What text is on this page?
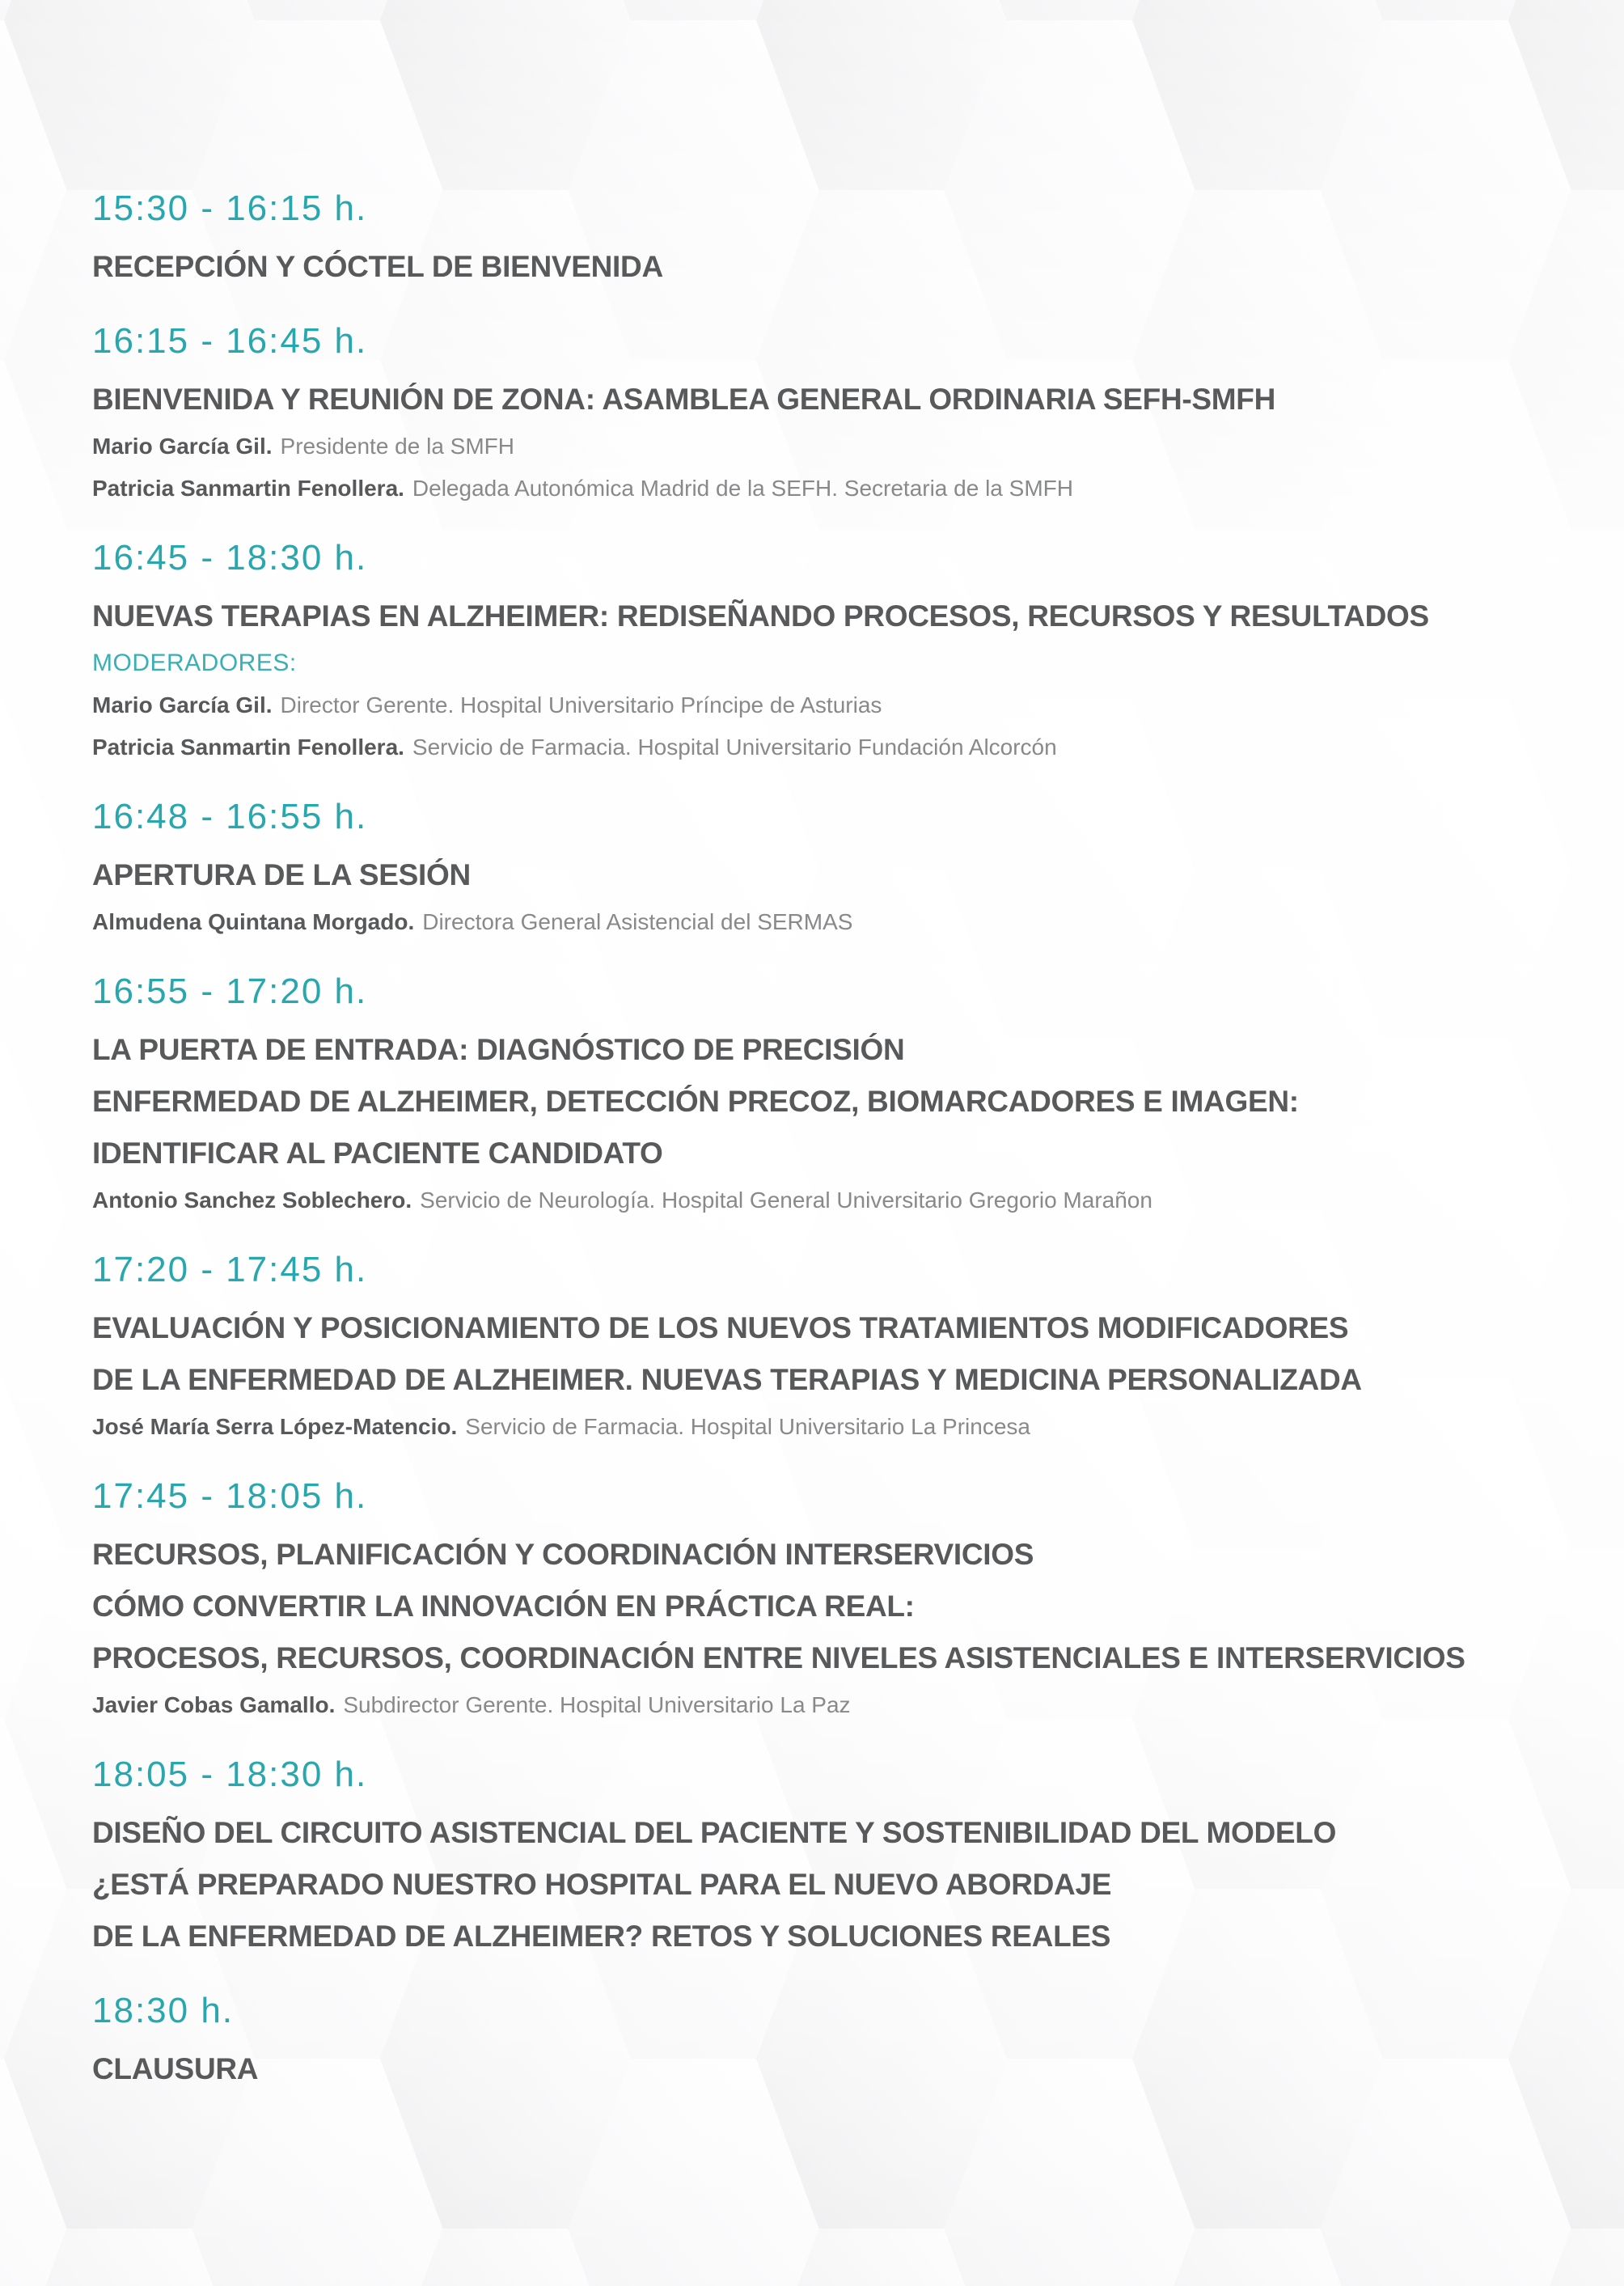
15:30 - 16:15 h.
RECEPCIÓN Y CÓCTEL DE BIENVENIDA
16:15 - 16:45 h.
BIENVENIDA Y REUNIÓN DE ZONA: ASAMBLEA GENERAL ORDINARIA SEFH-SMFH
Mario García Gil. Presidente de la SMFH
Patricia Sanmartin Fenollera. Delegada Autonómica Madrid de la SEFH. Secretaria de la SMFH
16:45 - 18:30 h.
NUEVAS TERAPIAS EN ALZHEIMER: REDISEÑANDO PROCESOS, RECURSOS Y RESULTADOS
MODERADORES:
Mario García Gil. Director Gerente. Hospital Universitario Príncipe de Asturias
Patricia Sanmartin Fenollera. Servicio de Farmacia. Hospital Universitario Fundación Alcorcón
16:48 - 16:55 h.
APERTURA DE LA SESIÓN
Almudena Quintana Morgado. Directora General Asistencial del SERMAS
16:55 - 17:20 h.
LA PUERTA DE ENTRADA: DIAGNÓSTICO DE PRECISIÓN
ENFERMEDAD DE ALZHEIMER, DETECCIÓN PRECOZ, BIOMARCADORES E IMAGEN:
IDENTIFICAR AL PACIENTE CANDIDATO
Antonio Sanchez Soblechero. Servicio de Neurología. Hospital General Universitario Gregorio Marañon
17:20 - 17:45 h.
EVALUACIÓN Y POSICIONAMIENTO DE LOS NUEVOS TRATAMIENTOS MODIFICADORES
DE LA ENFERMEDAD DE ALZHEIMER. NUEVAS TERAPIAS Y MEDICINA PERSONALIZADA
José María Serra López-Matencio. Servicio de Farmacia. Hospital Universitario La Princesa
17:45 - 18:05 h.
RECURSOS, PLANIFICACIÓN Y COORDINACIÓN INTERSERVICIOS
CÓMO CONVERTIR LA INNOVACIÓN EN PRÁCTICA REAL:
PROCESOS, RECURSOS, COORDINACIÓN ENTRE NIVELES ASISTENCIALES E INTERSERVICIOS
Javier Cobas Gamallo. Subdirector Gerente. Hospital Universitario La Paz
18:05 - 18:30 h.
DISEÑO DEL CIRCUITO ASISTENCIAL DEL PACIENTE Y SOSTENIBILIDAD DEL MODELO
¿ESTÁ PREPARADO NUESTRO HOSPITAL PARA EL NUEVO ABORDAJE
DE LA ENFERMEDAD DE ALZHEIMER? RETOS Y SOLUCIONES REALES
18:30 h.
CLAUSURA
